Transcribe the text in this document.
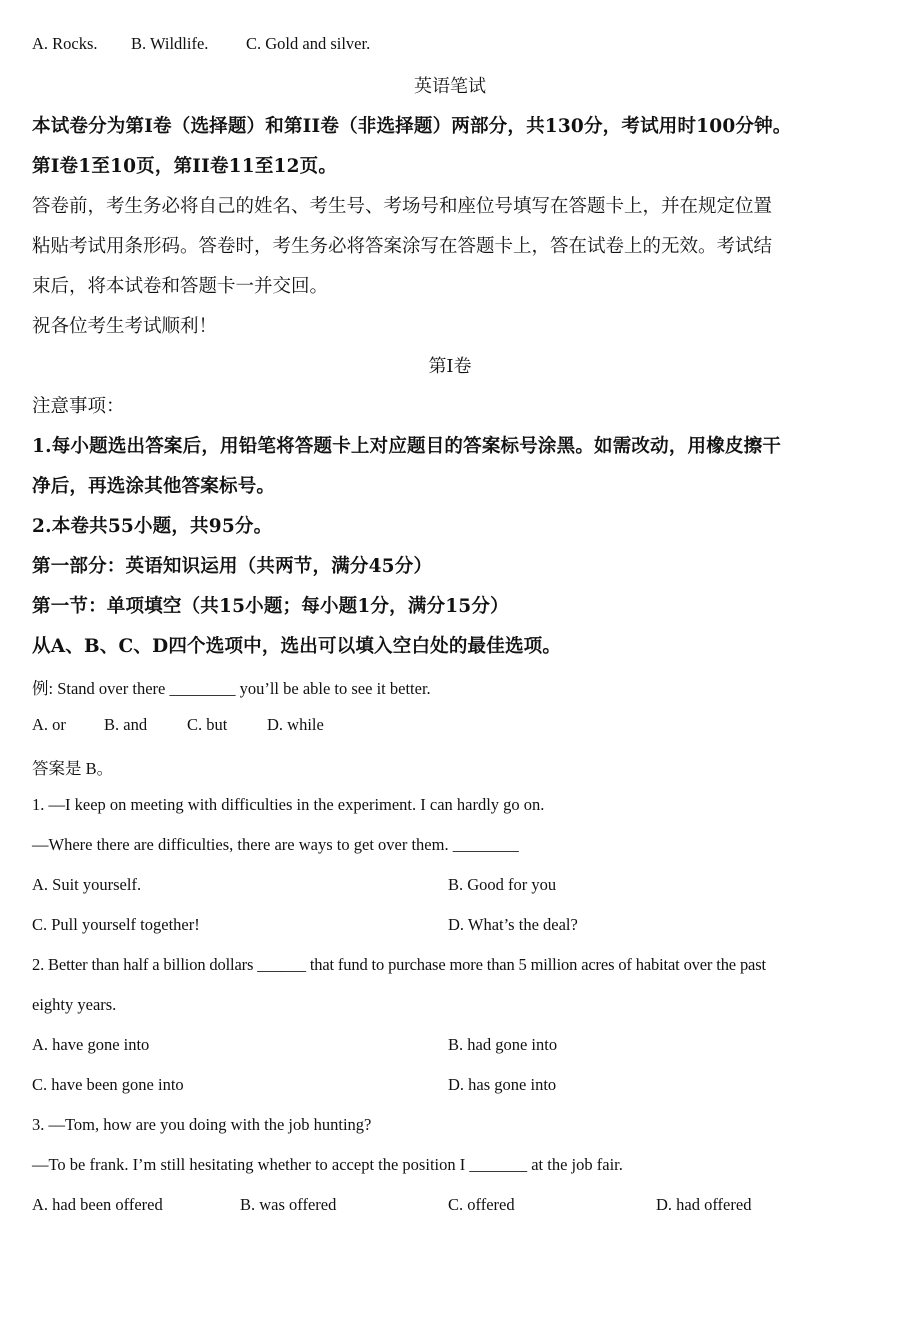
A. Rocks. B. Wildlife. C. Gold and silver.
英语笔试
本试卷分为第I卷（选择题）和第II卷（非选择题）两部分，共130分，考试用时100分钟。
第I卷1至10页，第II卷11至12页。
答卷前，考生务必将自己的姓名、考生号、考场号和座位号填写在答题卡上，并在规定位置
粘贴考试用条形码。答卷时，考生务必将答案涂写在答题卡上，答在试卷上的无效。考试结
束后，将本试卷和答题卡一并交回。
祝各位考生考试顺利！
第I卷
注意事项：
1.每小题选出答案后，用铅笔将答题卡上对应题目的答案标号涂黑。如需改动，用橡皮擦干
净后，再选涂其他答案标号。
2.本卷共55小题，共95分。
第一部分：英语知识运用（共两节，满分45分）
第一节：单项填空（共15小题；每小题1分，满分15分）
从A、B、C、D四个选项中，选出可以填入空白处的最佳选项。
例: Stand over there ________ you’ll be able to see it better.
A. or B. and C. but D. while
答案是 B。
1. —I keep on meeting with difficulties in the experiment. I can hardly go on.
—Where there are difficulties, there are ways to get over them. ________
A. Suit yourself.	B. Good for you
C. Pull yourself together!	D. What’s the deal?
2. Better than half a billion dollars ______ that fund to purchase more than 5 million acres of habitat over the past
eighty years.
A. have gone into	B. had gone into
C. have been gone into	D. has gone into
3. —Tom, how are you doing with the job hunting?
—To be frank. I’m still hesitating whether to accept the position I _______ at the job fair.
A. had been offered	B. was offered	C. offered	D. had offered
